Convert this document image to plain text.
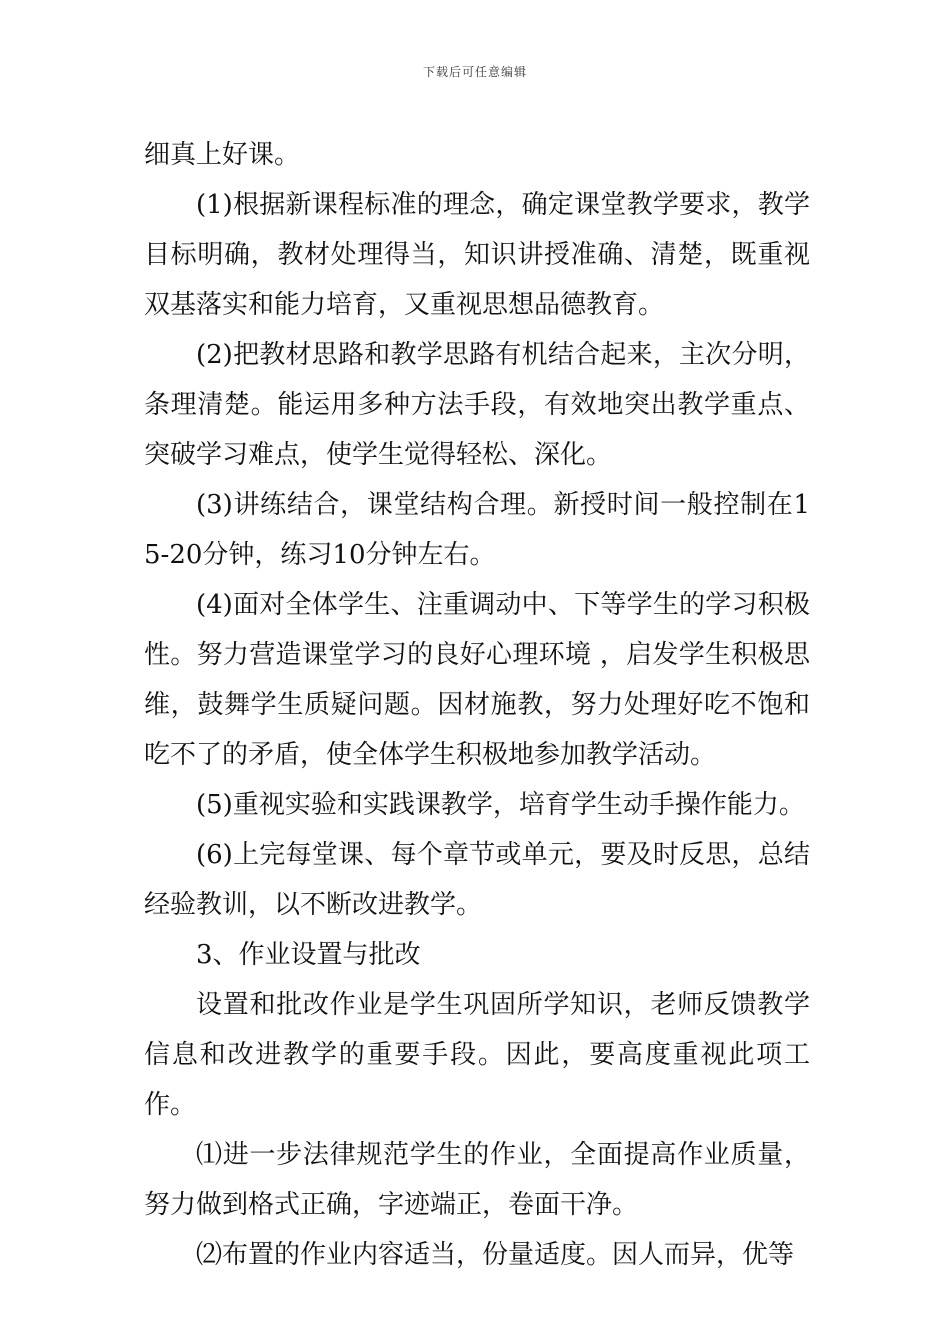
下载后可任意编辑

细真上好课。

(1)根据新课程标准的理念，确定课堂教学要求，教学目标明确，教材处理得当，知识讲授准确、清楚，既重视双基落实和能力培育，又重视思想品德教育。

(2)把教材思路和教学思路有机结合起来，主次分明，条理清楚。能运用多种方法手段，有效地突出教学重点、突破学习难点，使学生觉得轻松、深化。

(3)讲练结合，课堂结构合理。新授时间一般控制在15-20分钟，练习10分钟左右。

(4)面对全体学生、注重调动中、下等学生的学习积极性。努力营造课堂学习的良好心理环境 ，启发学生积极思维，鼓舞学生质疑问题。因材施教，努力处理好吃不饱和吃不了的矛盾，使全体学生积极地参加教学活动。

(5)重视实验和实践课教学，培育学生动手操作能力。

(6)上完每堂课、每个章节或单元，要及时反思，总结经验教训，以不断改进教学。

3、作业设置与批改

设置和批改作业是学生巩固所学知识，老师反馈教学信息和改进教学的重要手段。因此，要高度重视此项工作。

⑴进一步法律规范学生的作业，全面提高作业质量，努力做到格式正确，字迹端正，卷面干净。

⑵布置的作业内容适当，份量适度。因人而异，优等
